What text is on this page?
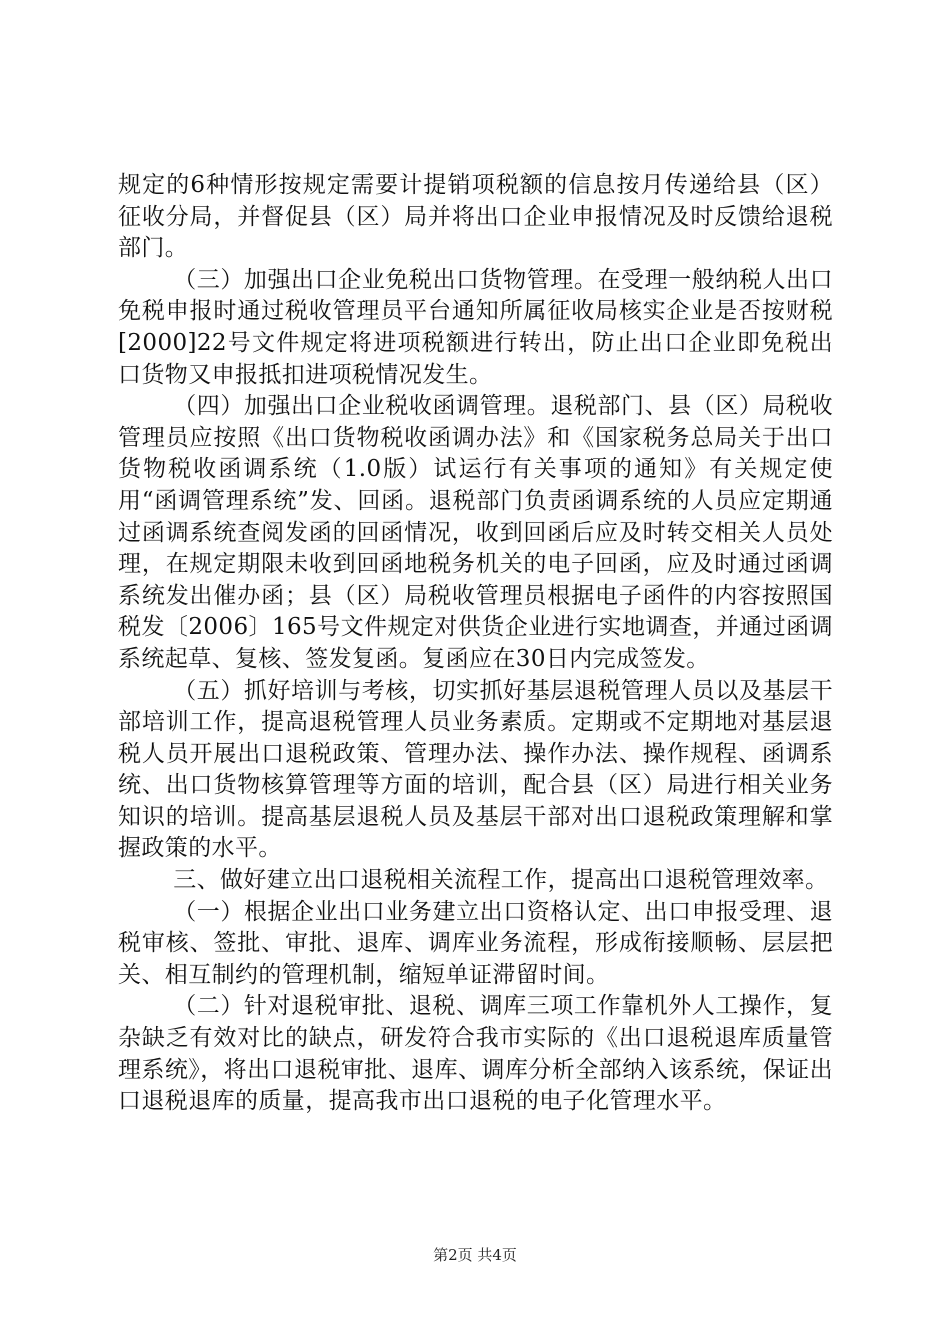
规定的6种情形按规定需要计提销项税额的信息按月传递给县（区）征收分局，并督促县（区）局并将出口企业申报情况及时反馈给退税部门。

（三）加强出口企业免税出口货物管理。在受理一般纳税人出口免税申报时通过税收管理员平台通知所属征收局核实企业是否按财税[2000]22号文件规定将进项税额进行转出，防止出口企业即免税出口货物又申报抵扣进项税情况发生。

（四）加强出口企业税收函调管理。退税部门、县（区）局税收管理员应按照《出口货物税收函调办法》和《国家税务总局关于出口货物税收函调系统（1.0版）试运行有关事项的通知》有关规定使用“函调管理系统”发、回函。退税部门负责函调系统的人员应定期通过函调系统查阅发函的回函情况，收到回函后应及时转交相关人员处理，在规定期限未收到回函地税务机关的电子回函，应及时通过函调系统发出催办函；县（区）局税收管理员根据电子函件的内容按照国税发〔2006〕165号文件规定对供货企业进行实地调查，并通过函调系统起草、复核、签发复函。复函应在30日内完成签发。

（五）抓好培训与考核，切实抓好基层退税管理人员以及基层干部培训工作，提高退税管理人员业务素质。定期或不定期地对基层退税人员开展出口退税政策、管理办法、操作办法、操作规程、函调系统、出口货物核算管理等方面的培训，配合县（区）局进行相关业务知识的培训。提高基层退税人员及基层干部对出口退税政策理解和掌握政策的水平。

三、做好建立出口退税相关流程工作，提高出口退税管理效率。

（一）根据企业出口业务建立出口资格认定、出口申报受理、退税审核、签批、审批、退库、调库业务流程，形成衔接顺畅、层层把关、相互制约的管理机制，缩短单证滞留时间。

（二）针对退税审批、退税、调库三项工作靠机外人工操作，复杂缺乏有效对比的缺点，研发符合我市实际的《出口退税退库质量管理系统》，将出口退税审批、退库、调库分析全部纳入该系统，保证出口退税退库的质量，提高我市出口退税的电子化管理水平。

第2页 共4页
